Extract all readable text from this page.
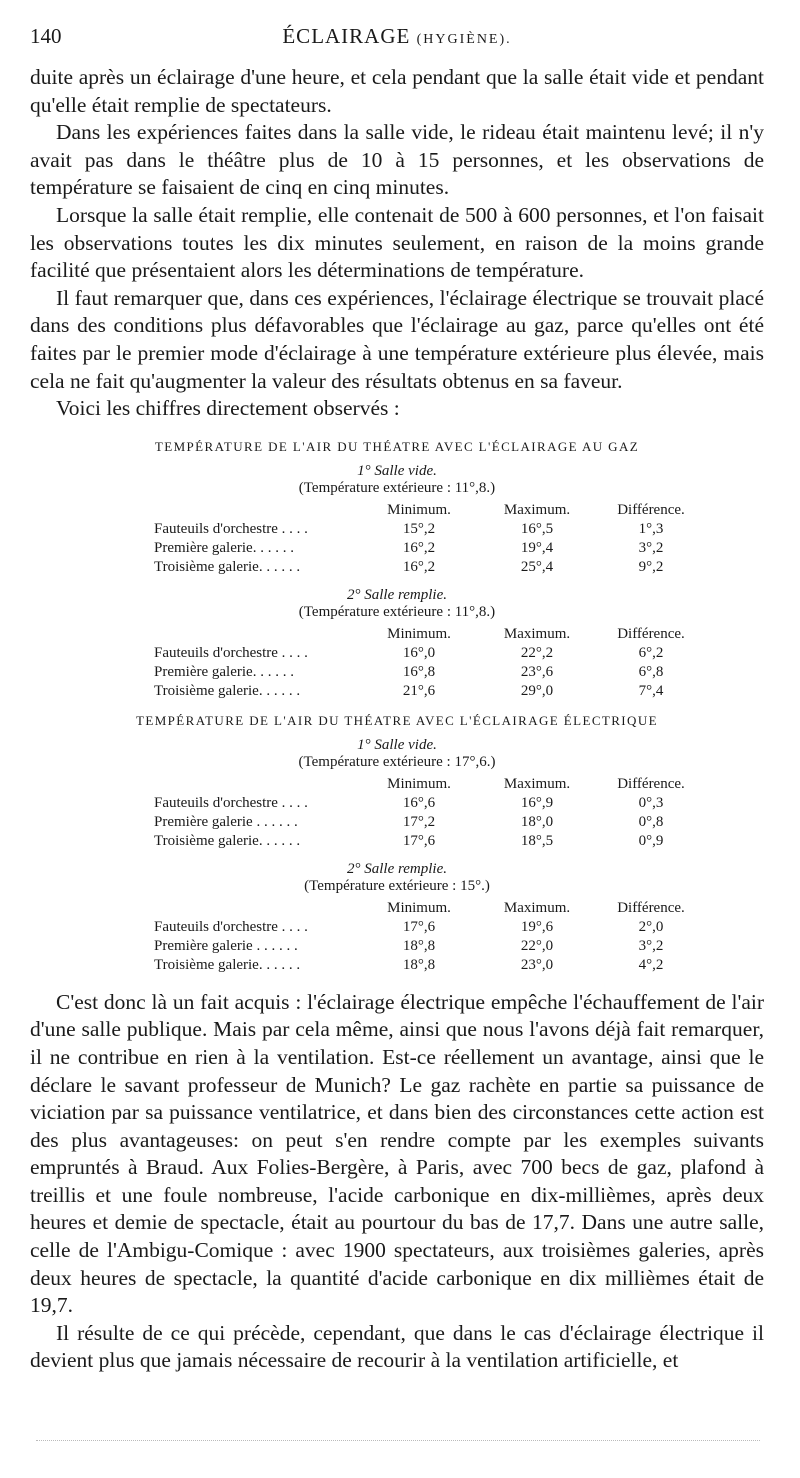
140	ÉCLAIRAGE (HYGIÈNE).

duite après un éclairage d'une heure, et cela pendant que la salle était vide et pendant qu'elle était remplie de spectateurs.

Dans les expériences faites dans la salle vide, le rideau était maintenu levé; il n'y avait pas dans le théâtre plus de 10 à 15 personnes, et les observations de température se faisaient de cinq en cinq minutes.

Lorsque la salle était remplie, elle contenait de 500 à 600 personnes, et l'on faisait les observations toutes les dix minutes seulement, en raison de la moins grande facilité que présentaient alors les déterminations de température.

Il faut remarquer que, dans ces expériences, l'éclairage électrique se trouvait placé dans des conditions plus défavorables que l'éclairage au gaz, parce qu'elles ont été faites par le premier mode d'éclairage à une température extérieure plus élevée, mais cela ne fait qu'augmenter la valeur des résultats obtenus en sa faveur.

Voici les chiffres directement observés :

TEMPÉRATURE DE L'AIR DU THÉATRE AVEC L'ÉCLAIRAGE AU GAZ
1° Salle vide.
(Température extérieure : 11°,8.)
	Minimum.	Maximum.	Différence.
Fauteuils d'orchestre . . . .	15°,2	16°,5	1°,3
Première galerie. . . . . .	16°,2	19°,4	3°,2
Troisième galerie. . . . . .	16°,2	25°,4	9°,2
2° Salle remplie.
(Température extérieure : 11°,8.)
	Minimum.	Maximum.	Différence.
Fauteuils d'orchestre . . . .	16°,0	22°,2	6°,2
Première galerie. . . . . .	16°,8	23°,6	6°,8
Troisième galerie. . . . . .	21°,6	29°,0	7°,4
TEMPÉRATURE DE L'AIR DU THÉATRE AVEC L'ÉCLAIRAGE ÉLECTRIQUE
1° Salle vide.
(Température extérieure : 17°,6.)
	Minimum.	Maximum.	Différence.
Fauteuils d'orchestre . . . .	16°,6	16°,9	0°,3
Première galerie . . . . . .	17°,2	18°,0	0°,8
Troisième galerie. . . . . .	17°,6	18°,5	0°,9
2° Salle remplie.
(Température extérieure : 15°.)
	Minimum.	Maximum.	Différence.
Fauteuils d'orchestre . . . .	17°,6	19°,6	2°,0
Première galerie . . . . . .	18°,8	22°,0	3°,2
Troisième galerie. . . . . .	18°,8	23°,0	4°,2

C'est donc là un fait acquis : l'éclairage électrique empêche l'échauffement de l'air d'une salle publique. Mais par cela même, ainsi que nous l'avons déjà fait remarquer, il ne contribue en rien à la ventilation. Est-ce réellement un avantage, ainsi que le déclare le savant professeur de Munich? Le gaz rachète en partie sa puissance de viciation par sa puissance ventilatrice, et dans bien des circonstances cette action est des plus avantageuses: on peut s'en rendre compte par les exemples suivants empruntés à Braud. Aux Folies-Bergère, à Paris, avec 700 becs de gaz, plafond à treillis et une foule nombreuse, l'acide carbonique en dix-millièmes, après deux heures et demie de spectacle, était au pourtour du bas de 17,7. Dans une autre salle, celle de l'Ambigu-Comique : avec 1900 spectateurs, aux troisièmes galeries, après deux heures de spectacle, la quantité d'acide carbonique en dix millièmes était de 19,7.

Il résulte de ce qui précède, cependant, que dans le cas d'éclairage électrique il devient plus que jamais nécessaire de recourir à la ventilation artificielle, et
